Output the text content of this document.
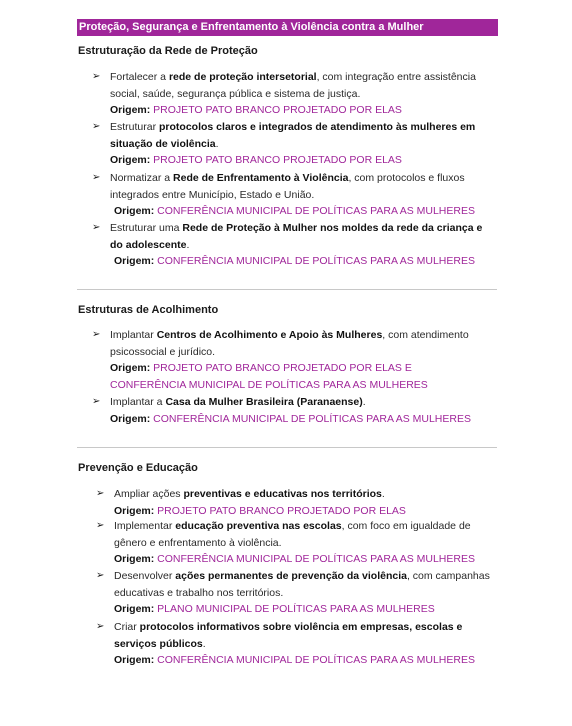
Proteção, Segurança e Enfrentamento à Violência contra a Mulher
Estruturação da Rede de Proteção
➢ Fortalecer a rede de proteção intersetorial, com integração entre assistência social, saúde, segurança pública e sistema de justiça.
Origem: PROJETO PATO BRANCO PROJETADO POR ELAS
➢ Estruturar protocolos claros e integrados de atendimento às mulheres em situação de violência.
Origem: PROJETO PATO BRANCO PROJETADO POR ELAS
➢ Normatizar a Rede de Enfrentamento à Violência, com protocolos e fluxos integrados entre Município, Estado e União.
Origem: CONFERÊNCIA MUNICIPAL DE POLÍTICAS PARA AS MULHERES
➢ Estruturar uma Rede de Proteção à Mulher nos moldes da rede da criança e do adolescente.
Origem: CONFERÊNCIA MUNICIPAL DE POLÍTICAS PARA AS MULHERES
Estruturas de Acolhimento
➢ Implantar Centros de Acolhimento e Apoio às Mulheres, com atendimento psicossocial e jurídico.
Origem: PROJETO PATO BRANCO PROJETADO POR ELAS E CONFERÊNCIA MUNICIPAL DE POLÍTICAS PARA AS MULHERES
➢ Implantar a Casa da Mulher Brasileira (Paranaense).
Origem: CONFERÊNCIA MUNICIPAL DE POLÍTICAS PARA AS MULHERES
Prevenção e Educação
➢ Ampliar ações preventivas e educativas nos territórios.
Origem: PROJETO PATO BRANCO PROJETADO POR ELAS
➢ Implementar educação preventiva nas escolas, com foco em igualdade de gênero e enfrentamento à violência.
Origem: CONFERÊNCIA MUNICIPAL DE POLÍTICAS PARA AS MULHERES
➢ Desenvolver ações permanentes de prevenção da violência, com campanhas educativas e trabalho nos territórios.
Origem: PLANO MUNICIPAL DE POLÍTICAS PARA AS MULHERES
➢ Criar protocolos informativos sobre violência em empresas, escolas e serviços públicos.
Origem: CONFERÊNCIA MUNICIPAL DE POLÍTICAS PARA AS MULHERES
